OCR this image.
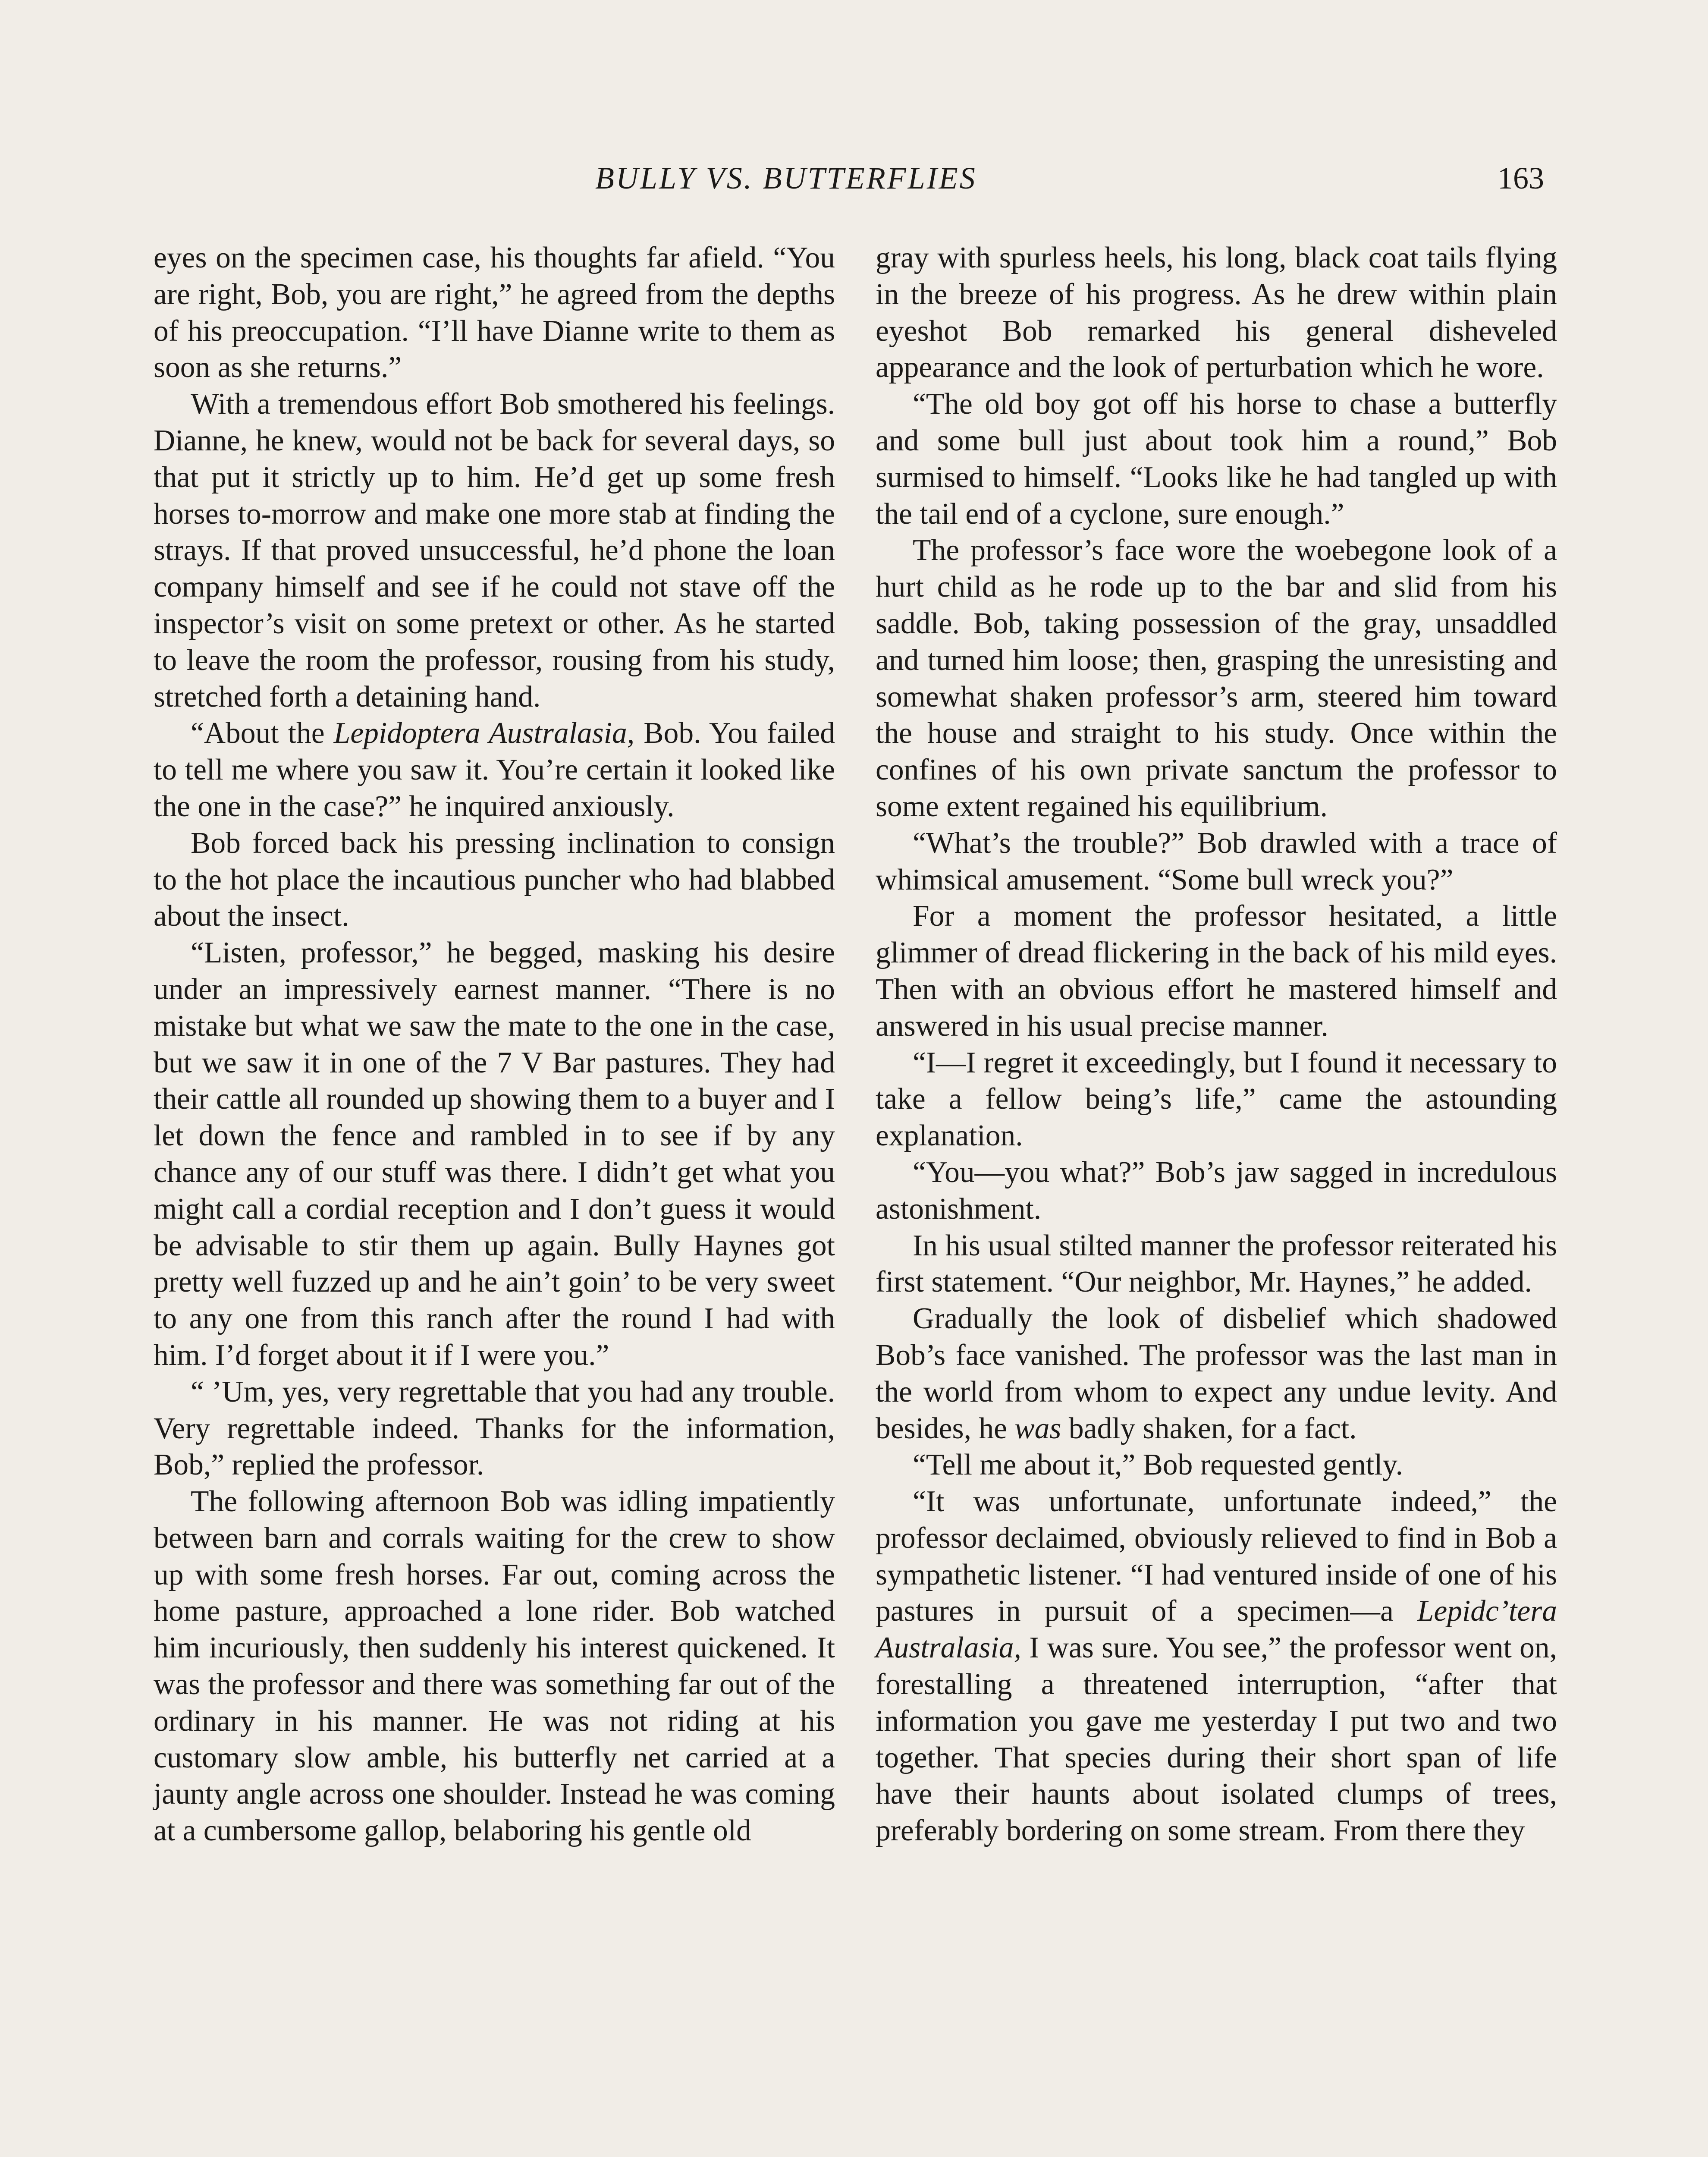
BULLY VS. BUTTERFLIES	163

eyes on the specimen case, his thoughts far afield. “You are right, Bob, you are right,” he agreed from the depths of his preoccupation. “I’ll have Dianne write to them as soon as she returns.”

With a tremendous effort Bob smothered his feelings. Dianne, he knew, would not be back for several days, so that put it strictly up to him. He’d get up some fresh horses to-morrow and make one more stab at finding the strays. If that proved unsuccessful, he’d phone the loan company himself and see if he could not stave off the inspector’s visit on some pretext or other. As he started to leave the room the professor, rousing from his study, stretched forth a detaining hand.

“About the Lepidoptera Australasia, Bob. You failed to tell me where you saw it. You’re certain it looked like the one in the case?” he inquired anxiously.

Bob forced back his pressing inclination to consign to the hot place the incautious puncher who had blabbed about the insect.

“Listen, professor,” he begged, masking his desire under an impressively earnest manner. “There is no mistake but what we saw the mate to the one in the case, but we saw it in one of the 7 V Bar pastures. They had their cattle all rounded up showing them to a buyer and I let down the fence and rambled in to see if by any chance any of our stuff was there. I didn’t get what you might call a cordial reception and I don’t guess it would be advisable to stir them up again. Bully Haynes got pretty well fuzzed up and he ain’t goin’ to be very sweet to any one from this ranch after the round I had with him. I’d forget about it if I were you.”

“ ’Um, yes, very regrettable that you had any trouble. Very regrettable indeed. Thanks for the information, Bob,” replied the professor.

The following afternoon Bob was idling impatiently between barn and corrals waiting for the crew to show up with some fresh horses. Far out, coming across the home pasture, approached a lone rider. Bob watched him incuriously, then suddenly his interest quickened. It was the professor and there was something far out of the ordinary in his manner. He was not riding at his customary slow amble, his butterfly net carried at a jaunty angle across one shoulder. Instead he was coming at a cumbersome gallop, belaboring his gentle old

gray with spurless heels, his long, black coat tails flying in the breeze of his progress. As he drew within plain eyeshot Bob remarked his general disheveled appearance and the look of perturbation which he wore.

“The old boy got off his horse to chase a butterfly and some bull just about took him a round,” Bob surmised to himself. “Looks like he had tangled up with the tail end of a cyclone, sure enough.”

The professor’s face wore the woebegone look of a hurt child as he rode up to the bar and slid from his saddle. Bob, taking possession of the gray, unsaddled and turned him loose; then, grasping the unresisting and somewhat shaken professor’s arm, steered him toward the house and straight to his study. Once within the confines of his own private sanctum the professor to some extent regained his equilibrium.

“What’s the trouble?” Bob drawled with a trace of whimsical amusement. “Some bull wreck you?”

For a moment the professor hesitated, a little glimmer of dread flickering in the back of his mild eyes. Then with an obvious effort he mastered himself and answered in his usual precise manner.

“I—I regret it exceedingly, but I found it necessary to take a fellow being’s life,” came the astounding explanation.

“You—you what?” Bob’s jaw sagged in incredulous astonishment.

In his usual stilted manner the professor reiterated his first statement. “Our neighbor, Mr. Haynes,” he added.

Gradually the look of disbelief which shadowed Bob’s face vanished. The professor was the last man in the world from whom to expect any undue levity. And besides, he was badly shaken, for a fact.

“Tell me about it,” Bob requested gently.

“It was unfortunate, unfortunate indeed,” the professor declaimed, obviously relieved to find in Bob a sympathetic listener. “I had ventured inside of one of his pastures in pursuit of a specimen—a Lepidcʼtera Australasia, I was sure. You see,” the professor went on, forestalling a threatened interruption, “after that information you gave me yesterday I put two and two together. That species during their short span of life have their haunts about isolated clumps of trees, preferably bordering on some stream. From there they
